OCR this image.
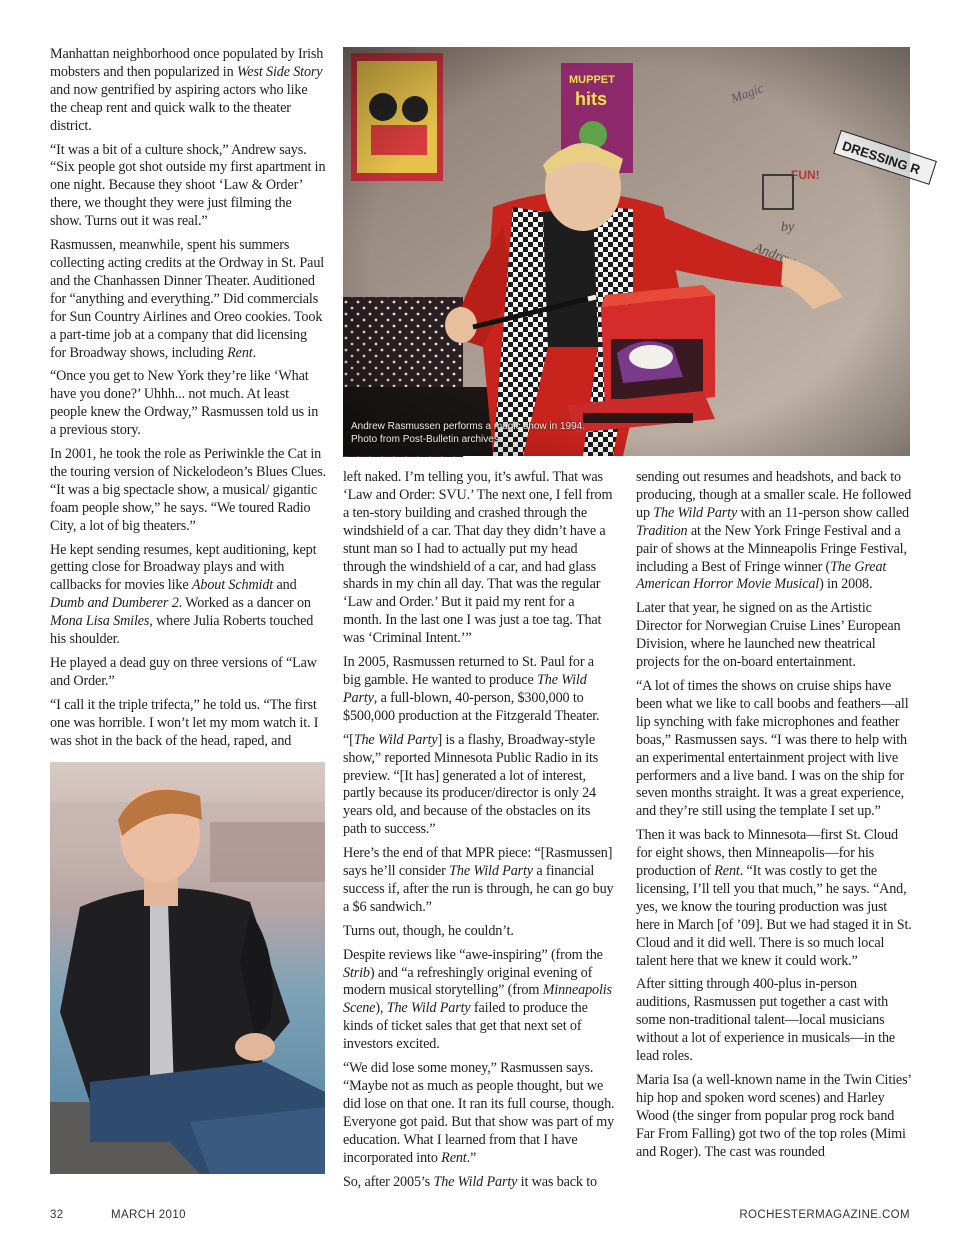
Manhattan neighborhood once populated by Irish mobsters and then popularized in West Side Story and now gentrified by aspiring actors who like the cheap rent and quick walk to the theater district.

“It was a bit of a culture shock,” Andrew says. “Six people got shot outside my first apartment in one night. Because they shoot ‘Law & Order’ there, we thought they were just filming the show. Turns out it was real.”

Rasmussen, meanwhile, spent his summers collecting acting credits at the Ordway in St. Paul and the Chanhassen Dinner Theater. Auditioned for “anything and everything.” Did commercials for Sun Country Airlines and Oreo cookies. Took a part-time job at a company that did licensing for Broadway shows, including Rent.

“Once you get to New York they’re like ‘What have you done?’ Uhhh... not much. At least people knew the Ordway,” Rasmussen told us in a previous story.

In 2001, he took the role as Periwinkle the Cat in the touring version of Nickelodeon’s Blues Clues. “It was a big spectacle show, a musical/ gigantic foam people show,” he says. “We toured Radio City, a lot of big theaters.”

He kept sending resumes, kept auditioning, kept getting close for Broadway plays and with callbacks for movies like About Schmidt and Dumb and Dumberer 2. Worked as a dancer on Mona Lisa Smiles, where Julia Roberts touched his shoulder.

He played a dead guy on three versions of “Law and Order.”

“I call it the triple trifecta,” he told us. “The first one was horrible. I won’t let my mom watch it. I was shot in the back of the head, raped, and

R
Andrew Rasmussen performs a magic show in 1994.
Photo from Post-Bulletin archives.

left naked. I’m telling you, it’s awful. That was ‘Law and Order: SVU.’ The next one, I fell from a ten-story building and crashed through the windshield of a car. That day they didn’t have a stunt man so I had to actually put my head through the windshield of a car, and had glass shards in my chin all day. That was the regular ‘Law and Order.’ But it paid my rent for a month. In the last one I was just a toe tag. That was ‘Criminal Intent.’”

In 2005, Rasmussen returned to St. Paul for a big gamble. He wanted to produce The Wild Party, a full-blown, 40-person, $300,000 to $500,000 production at the Fitzgerald Theater.

“[The Wild Party] is a flashy, Broadway-style show,” reported Minnesota Public Radio in its preview. “[It has] generated a lot of interest, partly because its producer/director is only 24 years old, and because of the obstacles on its path to success.”

Here’s the end of that MPR piece: “[Rasmussen] says he’ll consider The Wild Party a financial success if, after the run is through, he can go buy a $6 sandwich.”

Turns out, though, he couldn’t.

Despite reviews like “awe-inspiring” (from the Strib) and “a refreshingly original evening of modern musical storytelling” (from Minneapolis Scene), The Wild Party failed to produce the kinds of ticket sales that get that next set of investors excited.

“We did lose some money,” Rasmussen says. “Maybe not as much as people thought, but we did lose on that one. It ran its full course, though. Everyone got paid. But that show was part of my education. What I learned from that I have incorporated into Rent.”

So, after 2005’s The Wild Party it was back to

sending out resumes and headshots, and back to producing, though at a smaller scale. He followed up The Wild Party with an 11-person show called Tradition at the New York Fringe Festival and a pair of shows at the Minneapolis Fringe Festival, including a Best of Fringe winner (The Great American Horror Movie Musical) in 2008.

Later that year, he signed on as the Artistic Director for Norwegian Cruise Lines’ European Division, where he launched new theatrical projects for the on-board entertainment.

“A lot of times the shows on cruise ships have been what we like to call boobs and feathers—all lip synching with fake microphones and feather boas,” Rasmussen says. “I was there to help with an experimental entertainment project with live performers and a live band. I was on the ship for seven months straight. It was a great experience, and they’re still using the template I set up.”

Then it was back to Minnesota—first St. Cloud for eight shows, then Minneapolis—for his production of Rent. “It was costly to get the licensing, I’ll tell you that much,” he says. “And, yes, we know the touring production was just here in March [of ’09]. But we had staged it in St. Cloud and it did well. There is so much local talent here that we knew it could work.”

After sitting through 400-plus in-person auditions, Rasmussen put together a cast with some non-traditional talent—local musicians without a lot of experience in musicals—in the lead roles.

Maria Isa (a well-known name in the Twin Cities’ hip hop and spoken word scenes) and Harley Wood (the singer from popular prog rock band Far From Falling) got two of the top roles (Mimi and Roger). The cast was rounded

32	MARCH 2010	ROCHESTERMAGAZINE.COM
